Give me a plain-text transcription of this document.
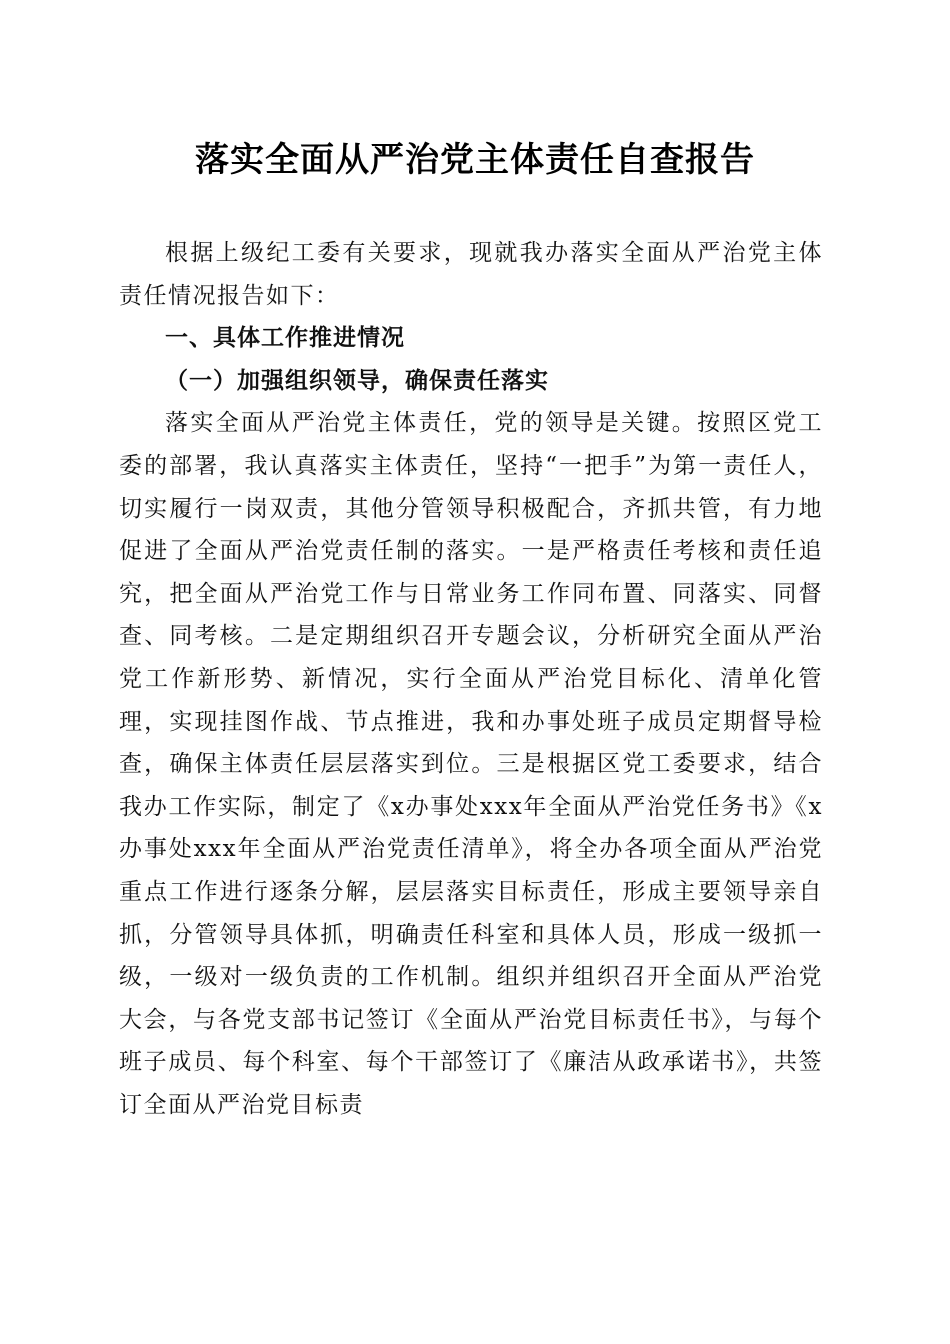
落实全面从严治党主体责任自查报告

根据上级纪工委有关要求，现就我办落实全面从严治党主体责任情况报告如下：

一、具体工作推进情况

（一）加强组织领导，确保责任落实

落实全面从严治党主体责任，党的领导是关键。按照区党工委的部署，我认真落实主体责任，坚持“一把手”为第一责任人，切实履行一岗双责，其他分管领导积极配合，齐抓共管，有力地促进了全面从严治党责任制的落实。一是严格责任考核和责任追究，把全面从严治党工作与日常业务工作同布置、同落实、同督查、同考核。二是定期组织召开专题会议，分析研究全面从严治党工作新形势、新情况，实行全面从严治党目标化、清单化管理，实现挂图作战、节点推进，我和办事处班子成员定期督导检查，确保主体责任层层落实到位。三是根据区党工委要求，结合我办工作实际，制定了《x办事处xxx年全面从严治党任务书》《x办事处xxx年全面从严治党责任清单》，将全办各项全面从严治党重点工作进行逐条分解，层层落实目标责任，形成主要领导亲自抓，分管领导具体抓，明确责任科室和具体人员，形成一级抓一级，一级对一级负责的工作机制。组织并组织召开全面从严治党大会，与各党支部书记签订《全面从严治党目标责任书》，与每个班子成员、每个科室、每个干部签订了《廉洁从政承诺书》，共签订全面从严治党目标责
